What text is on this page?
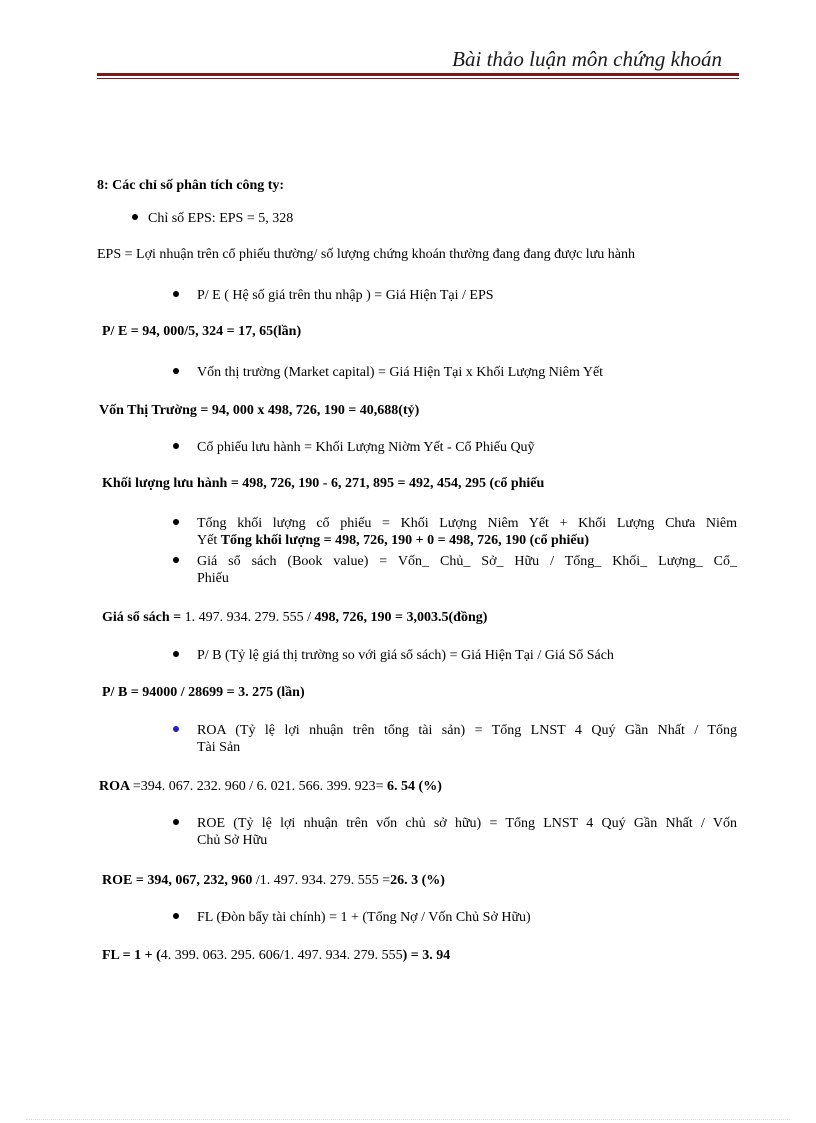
Bài thảo luận môn chứng khoán
8: Các chỉ số phân tích công ty:
Chỉ số EPS: EPS = 5, 328
EPS = Lợi nhuận trên cổ phiếu thường/ số lượng chứng khoán thường đang đang được lưu hành
P/ E ( Hệ số giá trên thu nhập ) = Giá Hiện Tại / EPS
P/ E = 94, 000/5, 324 = 17, 65(lần)
Vốn thị trường (Market capital) = Giá Hiện Tại x Khối Lượng Niêm Yết
Vốn Thị Trường = 94, 000 x 498, 726, 190 = 40,688(tỷ)
Cổ phiếu lưu hành = Khối Lượng Niờm Yết - Cổ Phiếu Quỹ
Khối lượng lưu hành = 498, 726, 190 - 6, 271, 895 = 492, 454, 295 (cổ phiếu
Tổng khối lượng cổ phiếu = Khối Lượng Niêm Yết + Khối Lượng Chưa Niêm
Yết Tổng khối lượng = 498, 726, 190 + 0 = 498, 726, 190 (cổ phiếu)
Giá sổ sách (Book value) = Vốn_ Chủ_ Sở_ Hữu / Tổng_ Khối_ Lượng_ Cổ_
Phiếu
Giá sổ sách = 1. 497. 934. 279. 555 / 498, 726, 190 = 3,003.5(đồng)
P/ B (Tỷ lệ giá thị trường so với giá sổ sách) = Giá Hiện Tại / Giá Sổ Sách
P/ B = 94000 / 28699 = 3. 275 (lần)
ROA (Tỷ lệ lợi nhuận trên tổng tài sản) = Tổng LNST 4 Quý Gần Nhất / Tổng
Tài Sản
ROA =394. 067. 232. 960 / 6. 021. 566. 399. 923= 6. 54 (%)
ROE (Tỷ lệ lợi nhuận trên vốn chủ sở hữu) = Tổng LNST 4 Quý Gần Nhất / Vốn
Chủ Sở Hữu
ROE = 394, 067, 232, 960 /1. 497. 934. 279. 555 =26. 3 (%)
FL (Đòn bẩy tài chính) = 1 + (Tổng Nợ / Vốn Chủ Sở Hữu)
FL = 1 + (4. 399. 063. 295. 606/1. 497. 934. 279. 555) = 3. 94
